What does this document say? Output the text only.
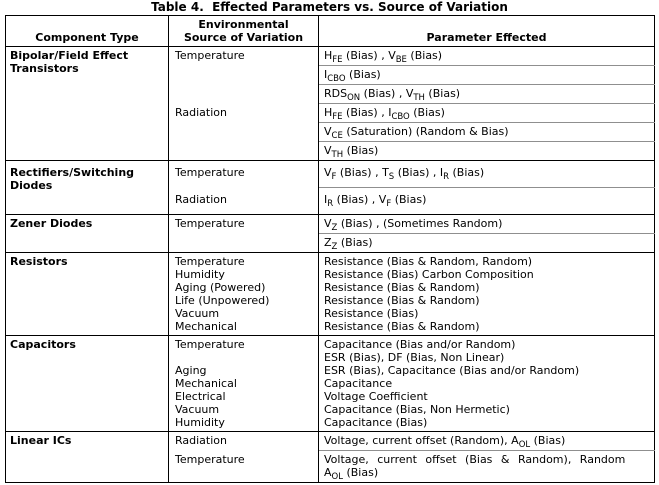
Table 4.  Effected Parameters vs. Source of Variation
Component Type	Environmental
Source of Variation	Parameter Effected
Bipolar/Field Effect Transistors	Temperature	$H_{FE}$ (Bias) , $V_{BE}$ (Bias)
		$I_{CBO}$ (Bias)
		$RDS_{ON}$ (Bias) , $V_{TH}$ (Bias)
	Radiation	$H_{FE}$ (Bias) , $I_{CBO}$ (Bias)
		$V_{CE}$ (Saturation) (Random & Bias)
		$V_{TH}$ (Bias)
Rectifiers/Switching Diodes	Temperature	$V_F$ (Bias) , $T_S$ (Bias) , $I_R$ (Bias)
	Radiation	$I_R$ (Bias) , $V_F$ (Bias)
Zener Diodes	Temperature	$V_Z$ (Bias) , (Sometimes Random)
		$Z_Z$ (Bias)
Resistors	Temperature	Resistance (Bias & Random, Random)
	Humidity	Resistance (Bias) Carbon Composition
	Aging (Powered)	Resistance (Bias & Random)
	Life (Unpowered)	Resistance (Bias & Random)
	Vacuum	Resistance (Bias)
	Mechanical	Resistance (Bias & Random)
Capacitors	Temperature	Capacitance (Bias and/or Random)
		ESR (Bias), DF (Bias, Non Linear)
	Aging	ESR (Bias), Capacitance (Bias and/or Random)
	Mechanical	Capacitance
	Electrical	Voltage Coefficient
	Vacuum	Capacitance (Bias, Non Hermetic)
	Humidity	Capacitance (Bias)
Linear ICs	Radiation	Voltage, current offset (Random), $A_{OL}$ (Bias)
	Temperature	Voltage, current offset (Bias & Random), Random
		$A_{OL}$ (Bias)
